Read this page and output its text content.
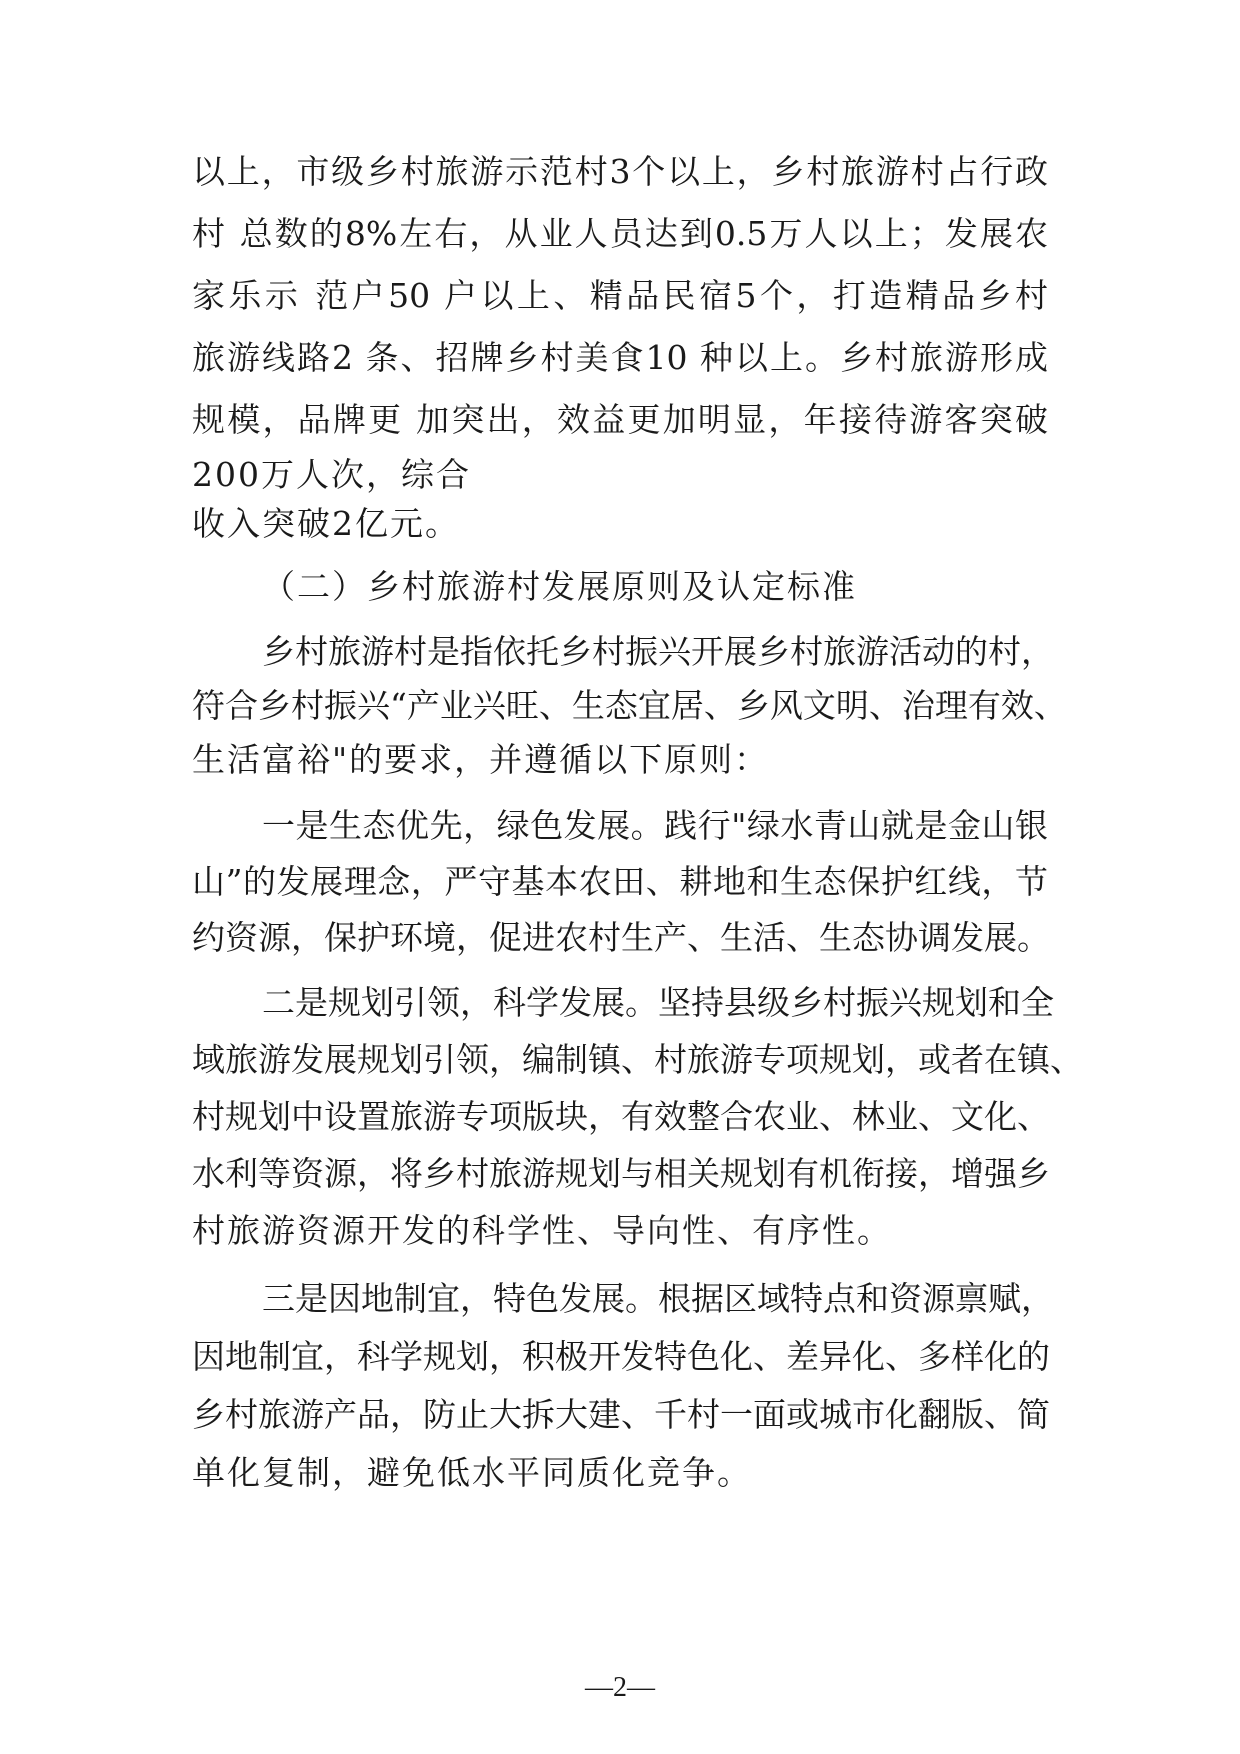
以上，市级乡村旅游示范村3个以上，乡村旅游村占行政
村 总数的8%左右，从业人员达到0.5万人以上；发展农
家乐示 范户50 户以上、精品民宿5个，打造精品乡村
旅游线路2 条、招牌乡村美食10 种以上。乡村旅游形成
规模，品牌更 加突出，效益更加明显，年接待游客突破
200万人次，综合
收入突破2亿元。
（二）乡村旅游村发展原则及认定标准
乡村旅游村是指依托乡村振兴开展乡村旅游活动的村，
符合乡村振兴“产业兴旺、生态宜居、乡风文明、治理有效、
生活富裕"的要求，并遵循以下原则：
一是生态优先，绿色发展。践行"绿水青山就是金山银
山”的发展理念，严守基本农田、耕地和生态保护红线，节
约资源，保护环境，促进农村生产、生活、生态协调发展。
二是规划引领，科学发展。坚持县级乡村振兴规划和全
域旅游发展规划引领，编制镇、村旅游专项规划，或者在镇、
村规划中设置旅游专项版块，有效整合农业、林业、文化、
水利等资源，将乡村旅游规划与相关规划有机衔接，增强乡
村旅游资源开发的科学性、导向性、有序性。
三是因地制宜，特色发展。根据区域特点和资源禀赋，
因地制宜，科学规划，积极开发特色化、差异化、多样化的
乡村旅游产品，防止大拆大建、千村一面或城市化翻版、简
单化复制，避免低水平同质化竞争。
—2—
